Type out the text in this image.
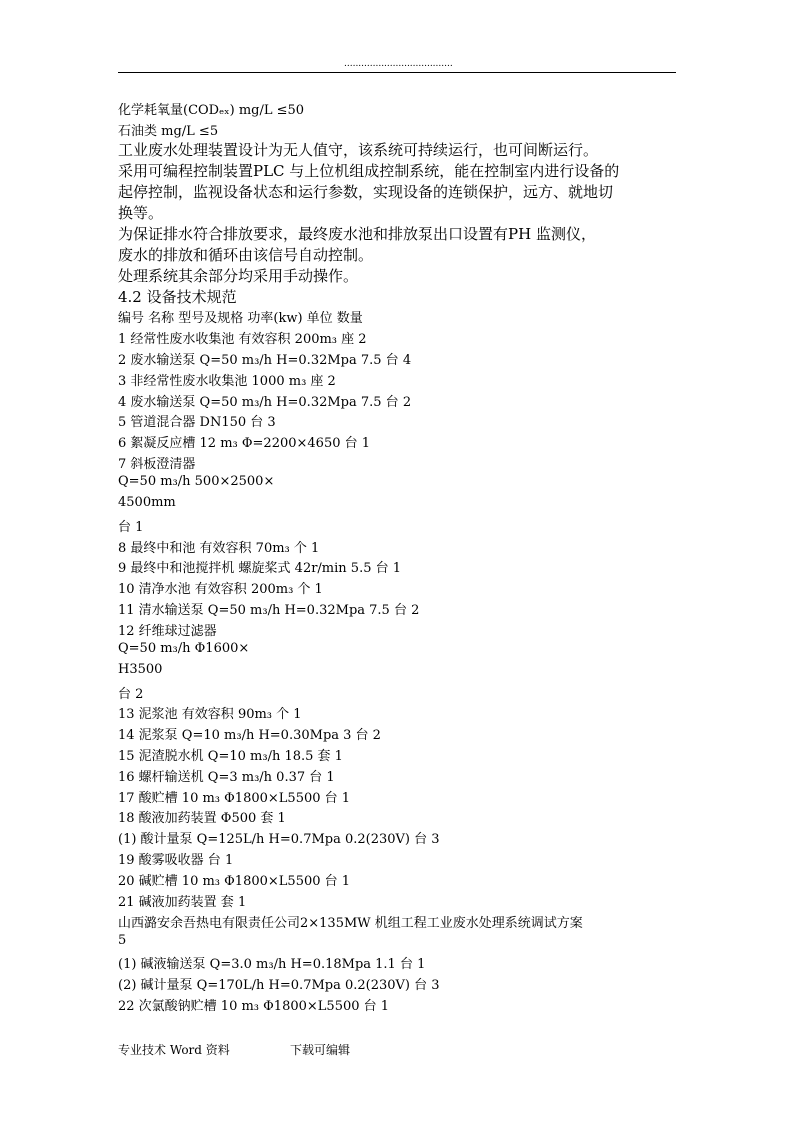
......................................
化学耗氧量(CODₑₓ) mg/L ≤50
石油类 mg/L ≤5
工业废水处理装置设计为无人值守，该系统可持续运行，也可间断运行。
采用可编程控制装置PLC 与上位机组成控制系统，能在控制室内进行设备的
起停控制，监视设备状态和运行参数，实现设备的连锁保护，远方、就地切
换等。
为保证排水符合排放要求，最终废水池和排放泵出口设置有PH 监测仪，
废水的排放和循环由该信号自动控制。
处理系统其余部分均采用手动操作。
4.2 设备技术规范
编号 名称 型号及规格 功率(kw) 单位 数量
1 经常性废水收集池 有效容积 200m₃ 座 2
2 废水输送泵 Q=50 m₃/h H=0.32Mpa 7.5 台 4
3 非经常性废水收集池 1000 m₃ 座 2
4 废水输送泵 Q=50 m₃/h H=0.32Mpa 7.5 台 2
5 管道混合器 DN150 台 3
6 絮凝反应槽 12 m₃ Φ=2200×4650 台 1
7 斜板澄清器
Q=50 m₃/h 500×2500×
4500mm
台 1
8 最终中和池 有效容积 70m₃ 个 1
9 最终中和池搅拌机 螺旋桨式 42r/min 5.5 台 1
10 清净水池 有效容积 200m₃ 个 1
11 清水输送泵 Q=50 m₃/h H=0.32Mpa 7.5 台 2
12 纤维球过滤器
Q=50 m₃/h Φ1600×
H3500
台 2
13 泥浆池 有效容积 90m₃ 个 1
14 泥浆泵 Q=10 m₃/h H=0.30Mpa 3 台 2
15 泥渣脱水机 Q=10 m₃/h 18.5 套 1
16 螺杆输送机 Q=3 m₃/h 0.37 台 1
17 酸贮槽 10 m₃ Φ1800×L5500 台 1
18 酸液加药装置 Φ500 套 1
(1) 酸计量泵 Q=125L/h H=0.7Mpa 0.2(230V) 台 3
19 酸雾吸收器 台 1
20 碱贮槽 10 m₃ Φ1800×L5500 台 1
21 碱液加药装置 套 1
山西潞安余吾热电有限责任公司2×135MW 机组工程工业废水处理系统调试方案
5
(1) 碱液输送泵 Q=3.0 m₃/h H=0.18Mpa 1.1 台 1
(2) 碱计量泵 Q=170L/h H=0.7Mpa 0.2(230V) 台 3
22 次氯酸钠贮槽 10 m₃ Φ1800×L5500 台 1
专业技术 Word 资料	下载可编辑
